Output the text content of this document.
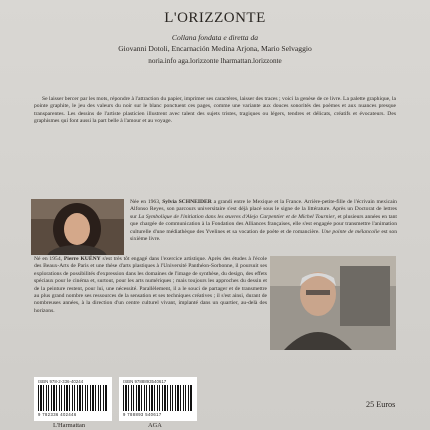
L'ORIZZONTE
Collana fondata e diretta da
Giovanni Dotoli, Encarnación Medina Arjona, Mario Selvaggio
noria.info aga.lorizzonte lharmattan.lorizzonte
Se laisser bercer par les mots, répondre à l'attraction du papier, imprimer ses caractères, laisser des traces ; voici la genèse de ce livre. La palette graphique, la pointe graphite, le jeu des valeurs du noir sur le blanc ponctuent ces pages, comme une variante aux douces sonorités des poèmes et aux nuances presque transparentes. Les dessins de l'artiste plasticien illustrent avec talent des sujets tristes, tragiques ou légers, tendres et délicats, créatifs et évocateurs. Des graphismes qui font aussi la part belle à l'amour et au voyage.
Née en 1963, Sylvia SCHNEIDER a grandi entre le Mexique et la France. Arrière-petite-fille de l'écrivain mexicain Alfonso Reyes, son parcours universitaire s'est déjà placé sous le signe de la littérature. Après un Doctorat de lettres sur La Symbolique de l'initiation dans les œuvres d'Alejo Carpentier et de Michel Tournier, et plusieurs années en tant que chargée de communication à la Fondation des Alliances françaises, elle s'est engagée pour transmettre l'animation culturelle d'une médiathèque des Yvelines et sa vocation de poète et de romancière. Une pointe de mélancolie est son sixième livre.
Né en 1954, Pierre KUÉNY s'est très tôt engagé dans l'exercice artistique. Après des études à l'école des Beaux-Arts de Paris et une thèse d'arts plastiques à l'Université Panthéon-Sorbonne, il poursuit ses explorations de possibilités d'expression dans les domaines de l'image de synthèse, du design, des effets spéciaux pour le cinéma et, surtout, pour les arts numériques ; mais toujours les approches du dessin et de la peinture restent, pour lui, une nécessité. Parallèlement, il a le souci de partager et de transmettre au plus grand nombre ses ressources de la sensation et ses techniques créatives ; il s'est ainsi, durant de nombreuses années, à la direction d'un centre culturel vivant, implanté dans un quartier, au-delà des horizons.
ISBN 978-2-336-40244
9 782336 402446
ISBN 9788893540617
9 788893 540617
L'Harmattan	AGA
25 Euros
